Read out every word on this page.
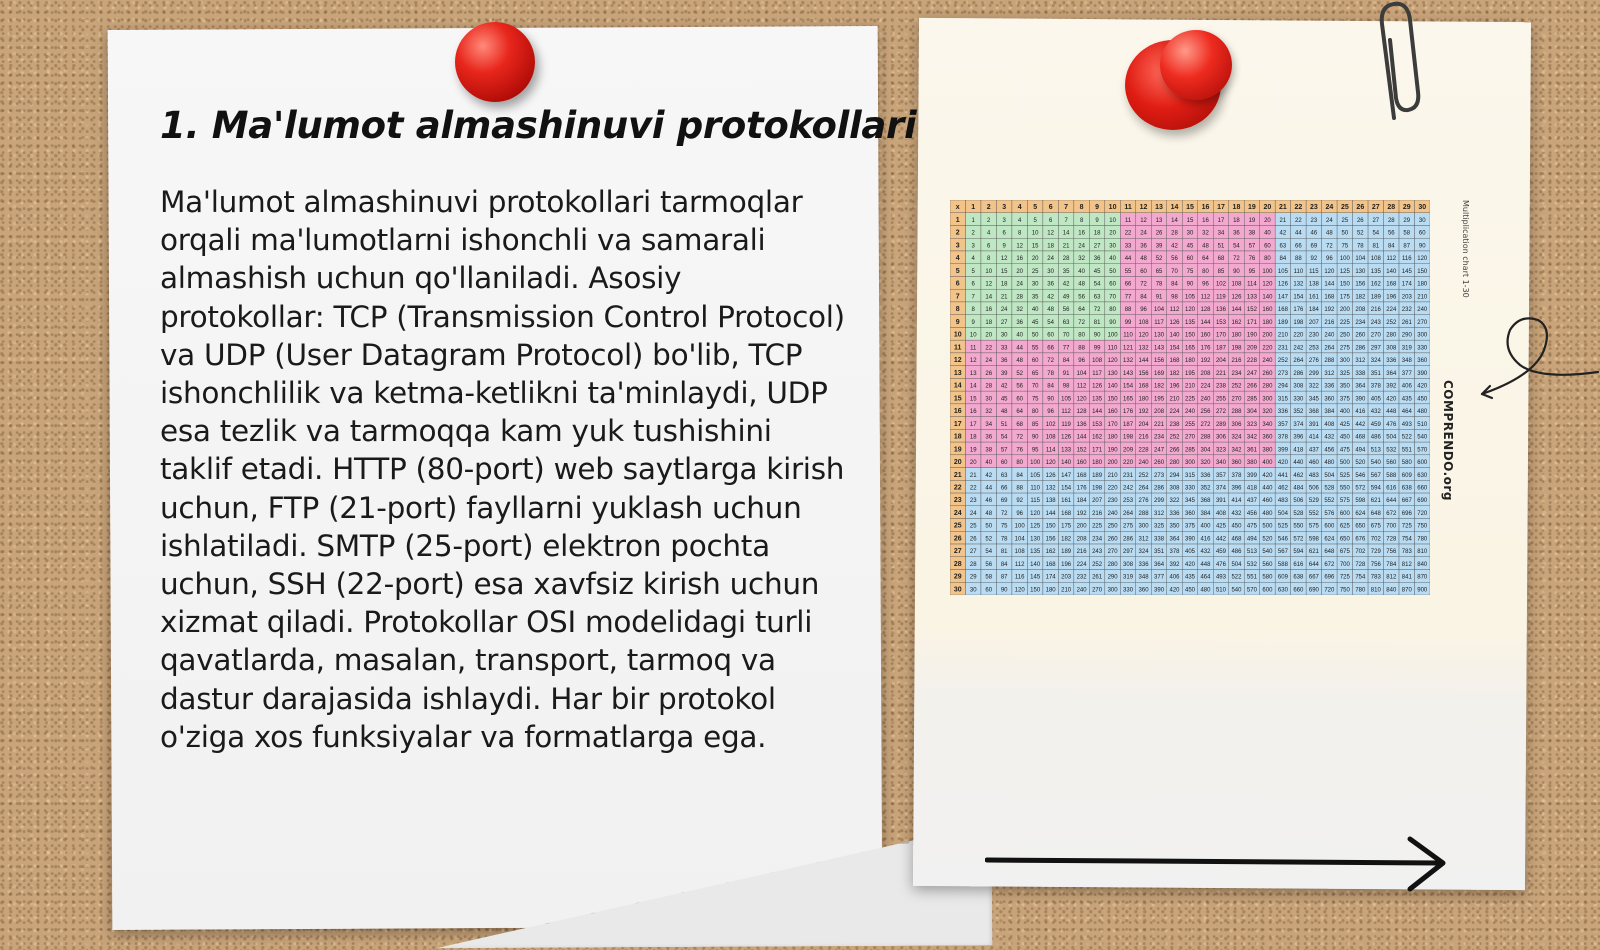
1. Ma'lumot almashinuvi protokollari

Ma'lumot almashinuvi protokollari tarmoqlar orqali ma'lumotlarni ishonchli va samarali almashish uchun qo'llaniladi. Asosiy protokollar: TCP (Transmission Control Protocol) va UDP (User Datagram Protocol) bo'lib, TCP ishonchlilik va ketma-ketlikni ta'minlaydi, UDP esa tezlik va tarmoqqa kam yuk tushishini taklif etadi. HTTP (80-port) web saytlarga kirish uchun, FTP (21-port) fayllarni yuklash uchun ishlatiladi. SMTP (25-port) elektron pochta uchun, SSH (22-port) esa xavfsiz kirish uchun xizmat qiladi. Protokollar OSI modelidagi turli qavatlarda, masalan, transport, tarmoq va dastur darajasida ishlaydi. Har bir protokol o'ziga xos funksiyalar va formatlarga ega.

x 1 2 3 4 5 6 7 8 9 10 11 12 13 14 15 16 17 18 19 20 21 22 23 24 25 26 27 28 29 30
1 1 2 3 4 5 6 7 8 9 10 11 12 13 14 15 16 17 18 19 20 21 22 23 24 25 26 27 28 29 30
2 2 4 6 8 10 12 14 16 18 20 22 24 26 28 30 32 34 36 38 40 42 44 46 48 50 52 54 56 58 60
3 3 6 9 12 15 18 21 24 27 30 33 36 39 42 45 48 51 54 57 60 63 66 69 72 75 78 81 84 87 90
4 4 8 12 16 20 24 28 32 36 40 44 48 52 56 60 64 68 72 76 80 84 88 92 96 100 104 108 112 116 120
5 5 10 15 20 25 30 35 40 45 50 55 60 65 70 75 80 85 90 95 100 105 110 115 120 125 130 135 140 145 150
6 6 12 18 24 30 36 42 48 54 60 66 72 78 84 90 96 102 108 114 120 126 132 138 144 150 156 162 168 174 180
7 7 14 21 28 35 42 49 56 63 70 77 84 91 98 105 112 119 126 133 140 147 154 161 168 175 182 189 196 203 210
8 8 16 24 32 40 48 56 64 72 80 88 96 104 112 120 128 136 144 152 160 168 176 184 192 200 208 216 224 232 240
9 9 18 27 36 45 54 63 72 81 90 99 108 117 126 135 144 153 162 171 180 189 198 207 216 225 234 243 252 261 270
10 10 20 30 40 50 60 70 80 90 100 110 120 130 140 150 160 170 180 190 200 210 220 230 240 250 260 270 280 290 300
11 11 22 33 44 55 66 77 88 99 110 121 132 143 154 165 176 187 198 209 220 231 242 253 264 275 286 297 308 319 330
12 12 24 36 48 60 72 84 96 108 120 132 144 156 168 180 192 204 216 228 240 252 264 276 288 300 312 324 336 348 360
13 13 26 39 52 65 78 91 104 117 130 143 156 169 182 195 208 221 234 247 260 273 286 299 312 325 338 351 364 377 390
14 14 28 42 56 70 84 98 112 126 140 154 168 182 196 210 224 238 252 266 280 294 308 322 336 350 364 378 392 406 420
15 15 30 45 60 75 90 105 120 135 150 165 180 195 210 225 240 255 270 285 300 315 330 345 360 375 390 405 420 435 450
16 16 32 48 64 80 96 112 128 144 160 176 192 208 224 240 256 272 288 304 320 336 352 368 384 400 416 432 448 464 480
17 17 34 51 68 85 102 119 136 153 170 187 204 221 238 255 272 289 306 323 340 357 374 391 408 425 442 459 476 493 510
18 18 36 54 72 90 108 126 144 162 180 198 216 234 252 270 288 306 324 342 360 378 396 414 432 450 468 486 504 522 540
19 19 38 57 76 95 114 133 152 171 190 209 228 247 266 285 304 323 342 361 380 399 418 437 456 475 494 513 532 551 570
20 20 40 60 80 100 120 140 160 180 200 220 240 260 280 300 320 340 360 380 400 420 440 460 480 500 520 540 560 580 600
21 21 42 63 84 105 126 147 168 189 210 231 252 273 294 315 336 357 378 399 420 441 462 483 504 525 546 567 588 609 630
22 22 44 66 88 110 132 154 176 198 220 242 264 286 308 330 352 374 396 418 440 462 484 506 528 550 572 594 616 638 660
23 23 46 69 92 115 138 161 184 207 230 253 276 299 322 345 368 391 414 437 460 483 506 529 552 575 598 621 644 667 690
24 24 48 72 96 120 144 168 192 216 240 264 288 312 336 360 384 408 432 456 480 504 528 552 576 600 624 648 672 696 720
25 25 50 75 100 125 150 175 200 225 250 275 300 325 350 375 400 425 450 475 500 525 550 575 600 625 650 675 700 725 750
26 26 52 78 104 130 156 182 208 234 260 286 312 338 364 390 416 442 468 494 520 546 572 598 624 650 676 702 728 754 780
27 27 54 81 108 135 162 189 216 243 270 297 324 351 378 405 432 459 486 513 540 567 594 621 648 675 702 729 756 783 810
28 28 56 84 112 140 168 196 224 252 280 308 336 364 392 420 448 476 504 532 560 588 616 644 672 700 728 756 784 812 840
29 29 58 87 116 145 174 203 232 261 290 319 348 377 406 435 464 493 522 551 580 609 638 667 696 725 754 783 812 841 870
30 30 60 90 120 150 180 210 240 270 300 330 360 390 420 450 480 510 540 570 600 630 660 690 720 750 780 810 840 870 900
Multiplication chart 1-30
COMPRENDO.org
